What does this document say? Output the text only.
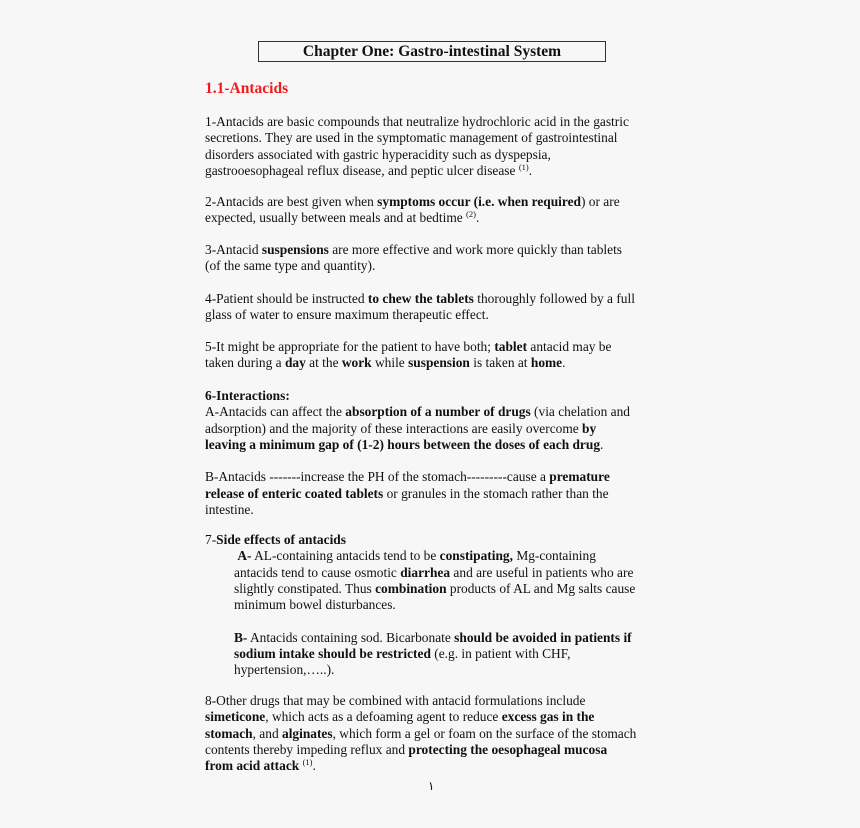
Chapter One: Gastro-intestinal System
1.1-Antacids
1-Antacids are basic compounds that neutralize hydrochloric acid in the gastric
secretions. They are used in the symptomatic management of gastrointestinal
disorders associated with gastric hyperacidity such as dyspepsia,
gastrooesophageal reflux disease, and peptic ulcer disease $^{(1)}$.
2-Antacids are best given when symptoms occur (i.e. when required) or are
expected, usually between meals and at bedtime $^{(2)}$.
3-Antacid suspensions are more effective and work more quickly than tablets
(of the same type and quantity).
4-Patient should be instructed to chew the tablets thoroughly followed by a full
glass of water to ensure maximum therapeutic effect.
5-It might be appropriate for the patient to have both; tablet antacid may be
taken during a day at the work while suspension is taken at home.
6-Interactions:
A-Antacids can affect the absorption of a number of drugs (via chelation and
adsorption) and the majority of these interactions are easily overcome by
leaving a minimum gap of (1-2) hours between the doses of each drug.
B-Antacids -------increase the PH of the stomach---------cause a premature
release of enteric coated tablets or granules in the stomach rather than the
intestine.
7-Side effects of antacids
A- AL-containing antacids tend to be constipating, Mg-containing
antacids tend to cause osmotic diarrhea and are useful in patients who are
slightly constipated. Thus combination products of AL and Mg salts cause
minimum bowel disturbances.
B- Antacids containing sod. Bicarbonate should be avoided in patients if
sodium intake should be restricted (e.g. in patient with CHF,
hypertension,…..).
8-Other drugs that may be combined with antacid formulations include
simeticone, which acts as a defoaming agent to reduce excess gas in the
stomach, and alginates, which form a gel or foam on the surface of the stomach
contents thereby impeding reflux and protecting the oesophageal mucosa
from acid attack $^{(1)}$.
١
